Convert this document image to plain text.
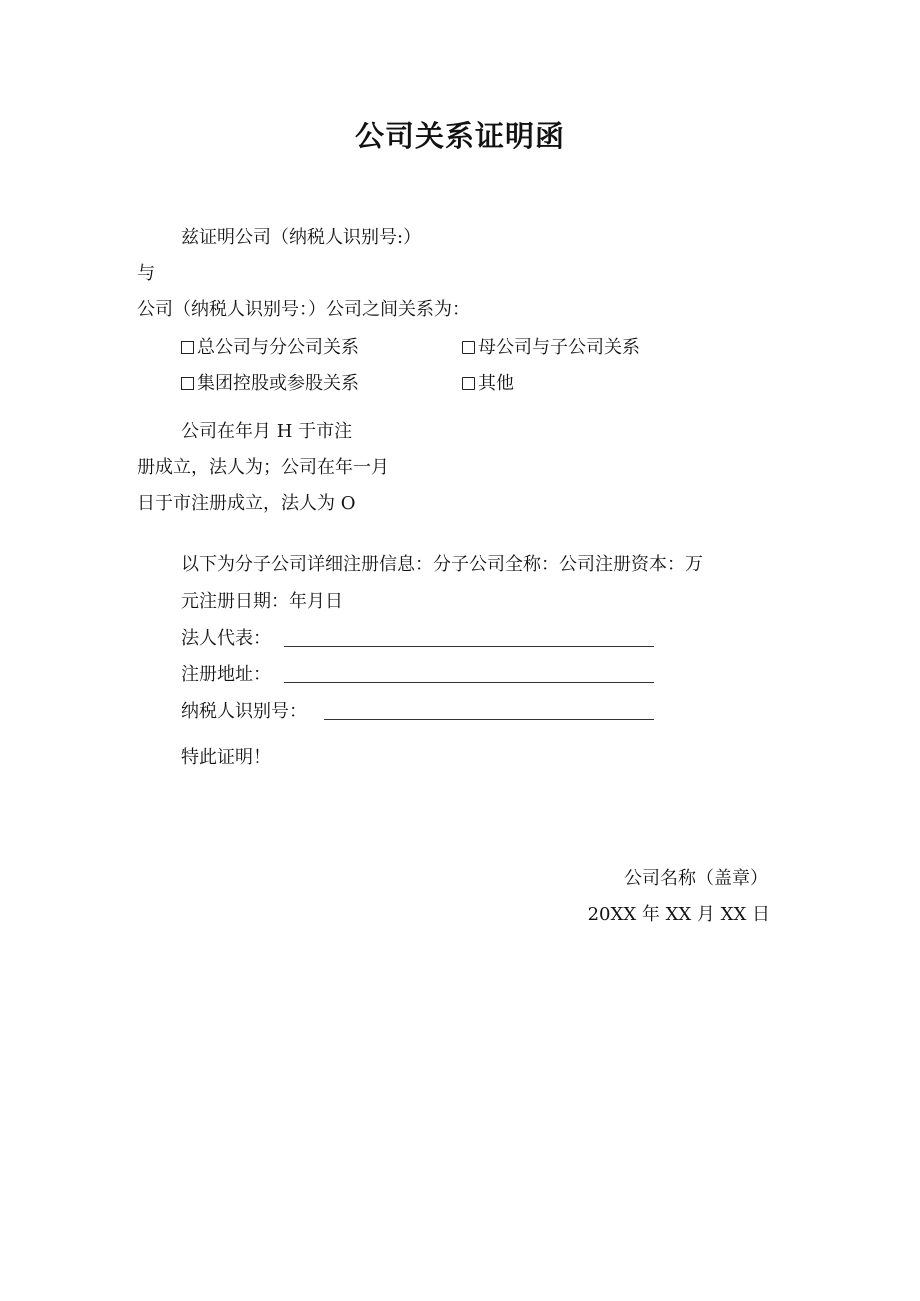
公司关系证明函
兹证明公司（纳税人识别号:）
与
公司（纳税人识别号：）公司之间关系为：
总公司与分公司关系	母公司与子公司关系
集团控股或参股关系	其他
公司在年月 H 于市注
册成立，法人为；公司在年一月
日于市注册成立，法人为 O
以下为分子公司详细注册信息：分子公司全称：公司注册资本：万
元注册日期：年月日
法人代表：
注册地址：
纳税人识别号：
特此证明！
公司名称（盖章）
20XX 年 XX 月 XX 日
